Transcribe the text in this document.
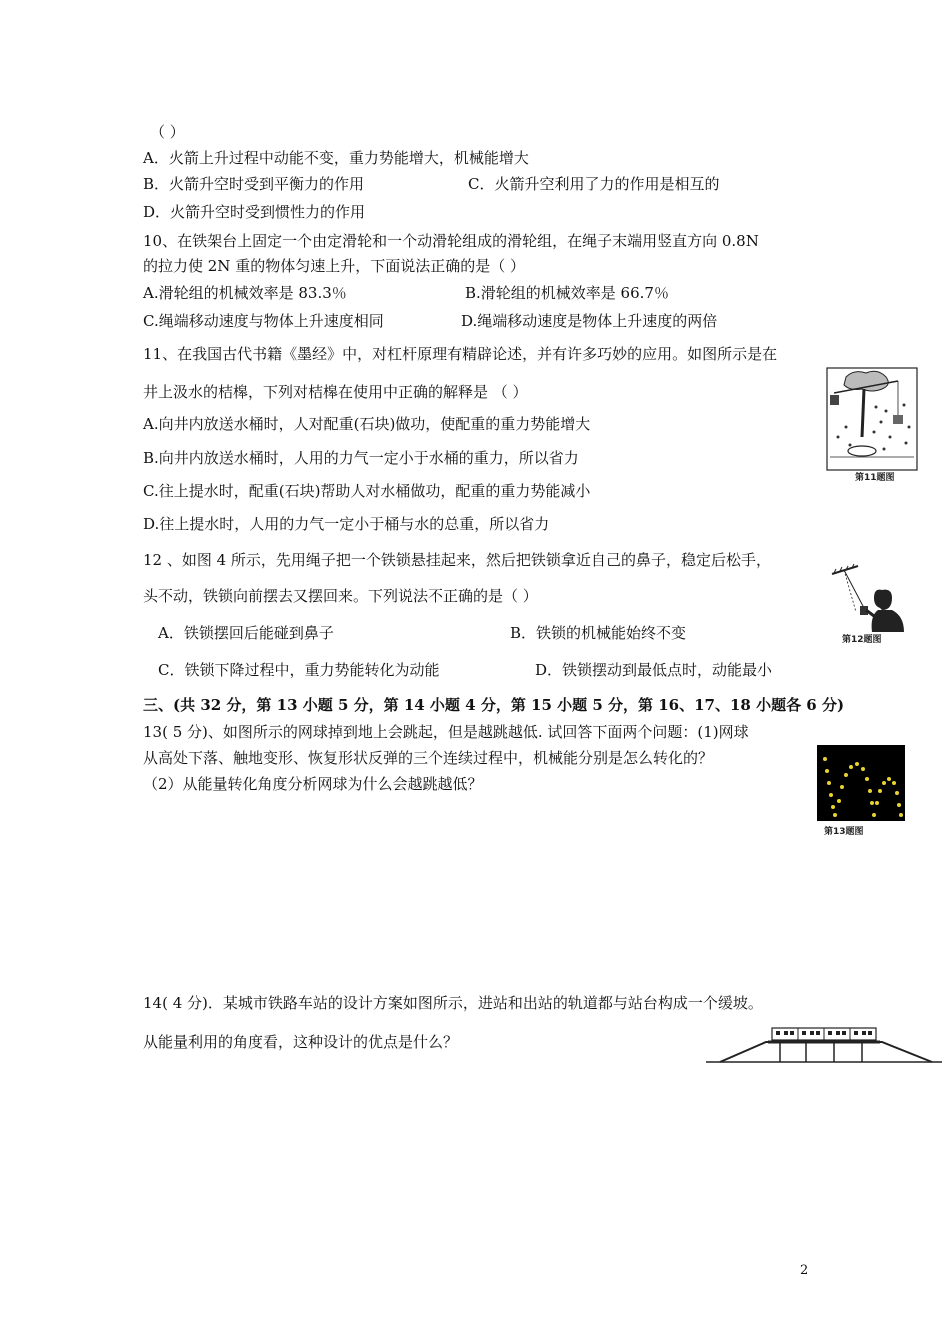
（ ）
A．火箭上升过程中动能不变，重力势能增大，机械能增大
B．火箭升空时受到平衡力的作用	C．火箭升空利用了力的作用是相互的
D．火箭升空时受到惯性力的作用
10、在铁架台上固定一个由定滑轮和一个动滑轮组成的滑轮组，在绳子末端用竖直方向 0.8N
的拉力使 2N 重的物体匀速上升，下面说法正确的是（ ）
A.滑轮组的机械效率是 83.3％	B.滑轮组的机械效率是 66.7％
C.绳端移动速度与物体上升速度相同	D.绳端移动速度是物体上升速度的两倍
11、在我国古代书籍《墨经》中，对杠杆原理有精辟论述，并有许多巧妙的应用。如图所示是在
井上汲水的桔槔，下列对桔槔在使用中正确的解释是 （ ）
A.向井内放送水桶时，人对配重(石块)做功，使配重的重力势能增大
B.向井内放送水桶时，人用的力气一定小于水桶的重力，所以省力
C.往上提水时，配重(石块)帮助人对水桶做功，配重的重力势能减小
D.往上提水时，人用的力气一定小于桶与水的总重，所以省力
第11题图
12 、如图 4 所示，先用绳子把一个铁锁悬挂起来，然后把铁锁拿近自己的鼻子，稳定后松手，
头不动，铁锁向前摆去又摆回来。下列说法不正确的是（ ）
A．铁锁摆回后能碰到鼻子	B．铁锁的机械能始终不变
C．铁锁下降过程中，重力势能转化为动能	D．铁锁摆动到最低点时，动能最小
第12题图
三、(共 32 分，第 13 小题 5 分，第 14 小题 4 分，第 15 小题 5 分，第 16、17、18 小题各 6 分)
13( 5 分)、如图所示的网球掉到地上会跳起，但是越跳越低. 试回答下面两个问题：(1)网球
从高处下落、触地变形、恢复形状反弹的三个连续过程中，机械能分别是怎么转化的？
（2）从能量转化角度分析网球为什么会越跳越低？
第13题图
14( 4 分)．某城市铁路车站的设计方案如图所示，进站和出站的轨道都与站台构成一个缓坡。
从能量利用的角度看，这种设计的优点是什么？
2
